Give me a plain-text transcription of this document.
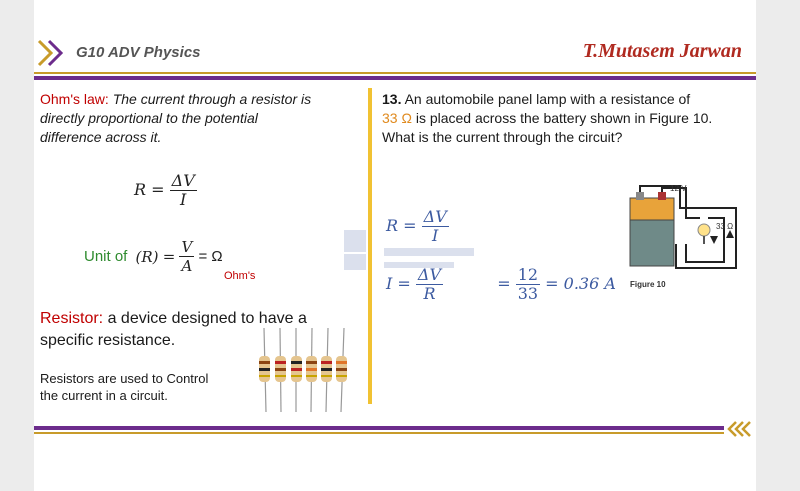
G10 ADV Physics	T.Mutasem Jarwan
Ohm's law: The current through a resistor is
directly proportional to the potential
difference across it.
$R = \frac{\Delta V}{I}$
Unit of $(R) = \frac{V}{A} = \Omega$
Ohm's
Resistor: a device designed to have a
specific resistance.
Resistors are used to Control
the current in a circuit.
13. An automobile panel lamp with a resistance of
33 Ω is placed across the battery shown in Figure 10.
What is the current through the circuit?
$R = \frac{\Delta V}{I}$
$I = \frac{\Delta V}{R}$	= $\frac{12}{33} = 0.36$ A
12 V
33 Ω
Figure 10
